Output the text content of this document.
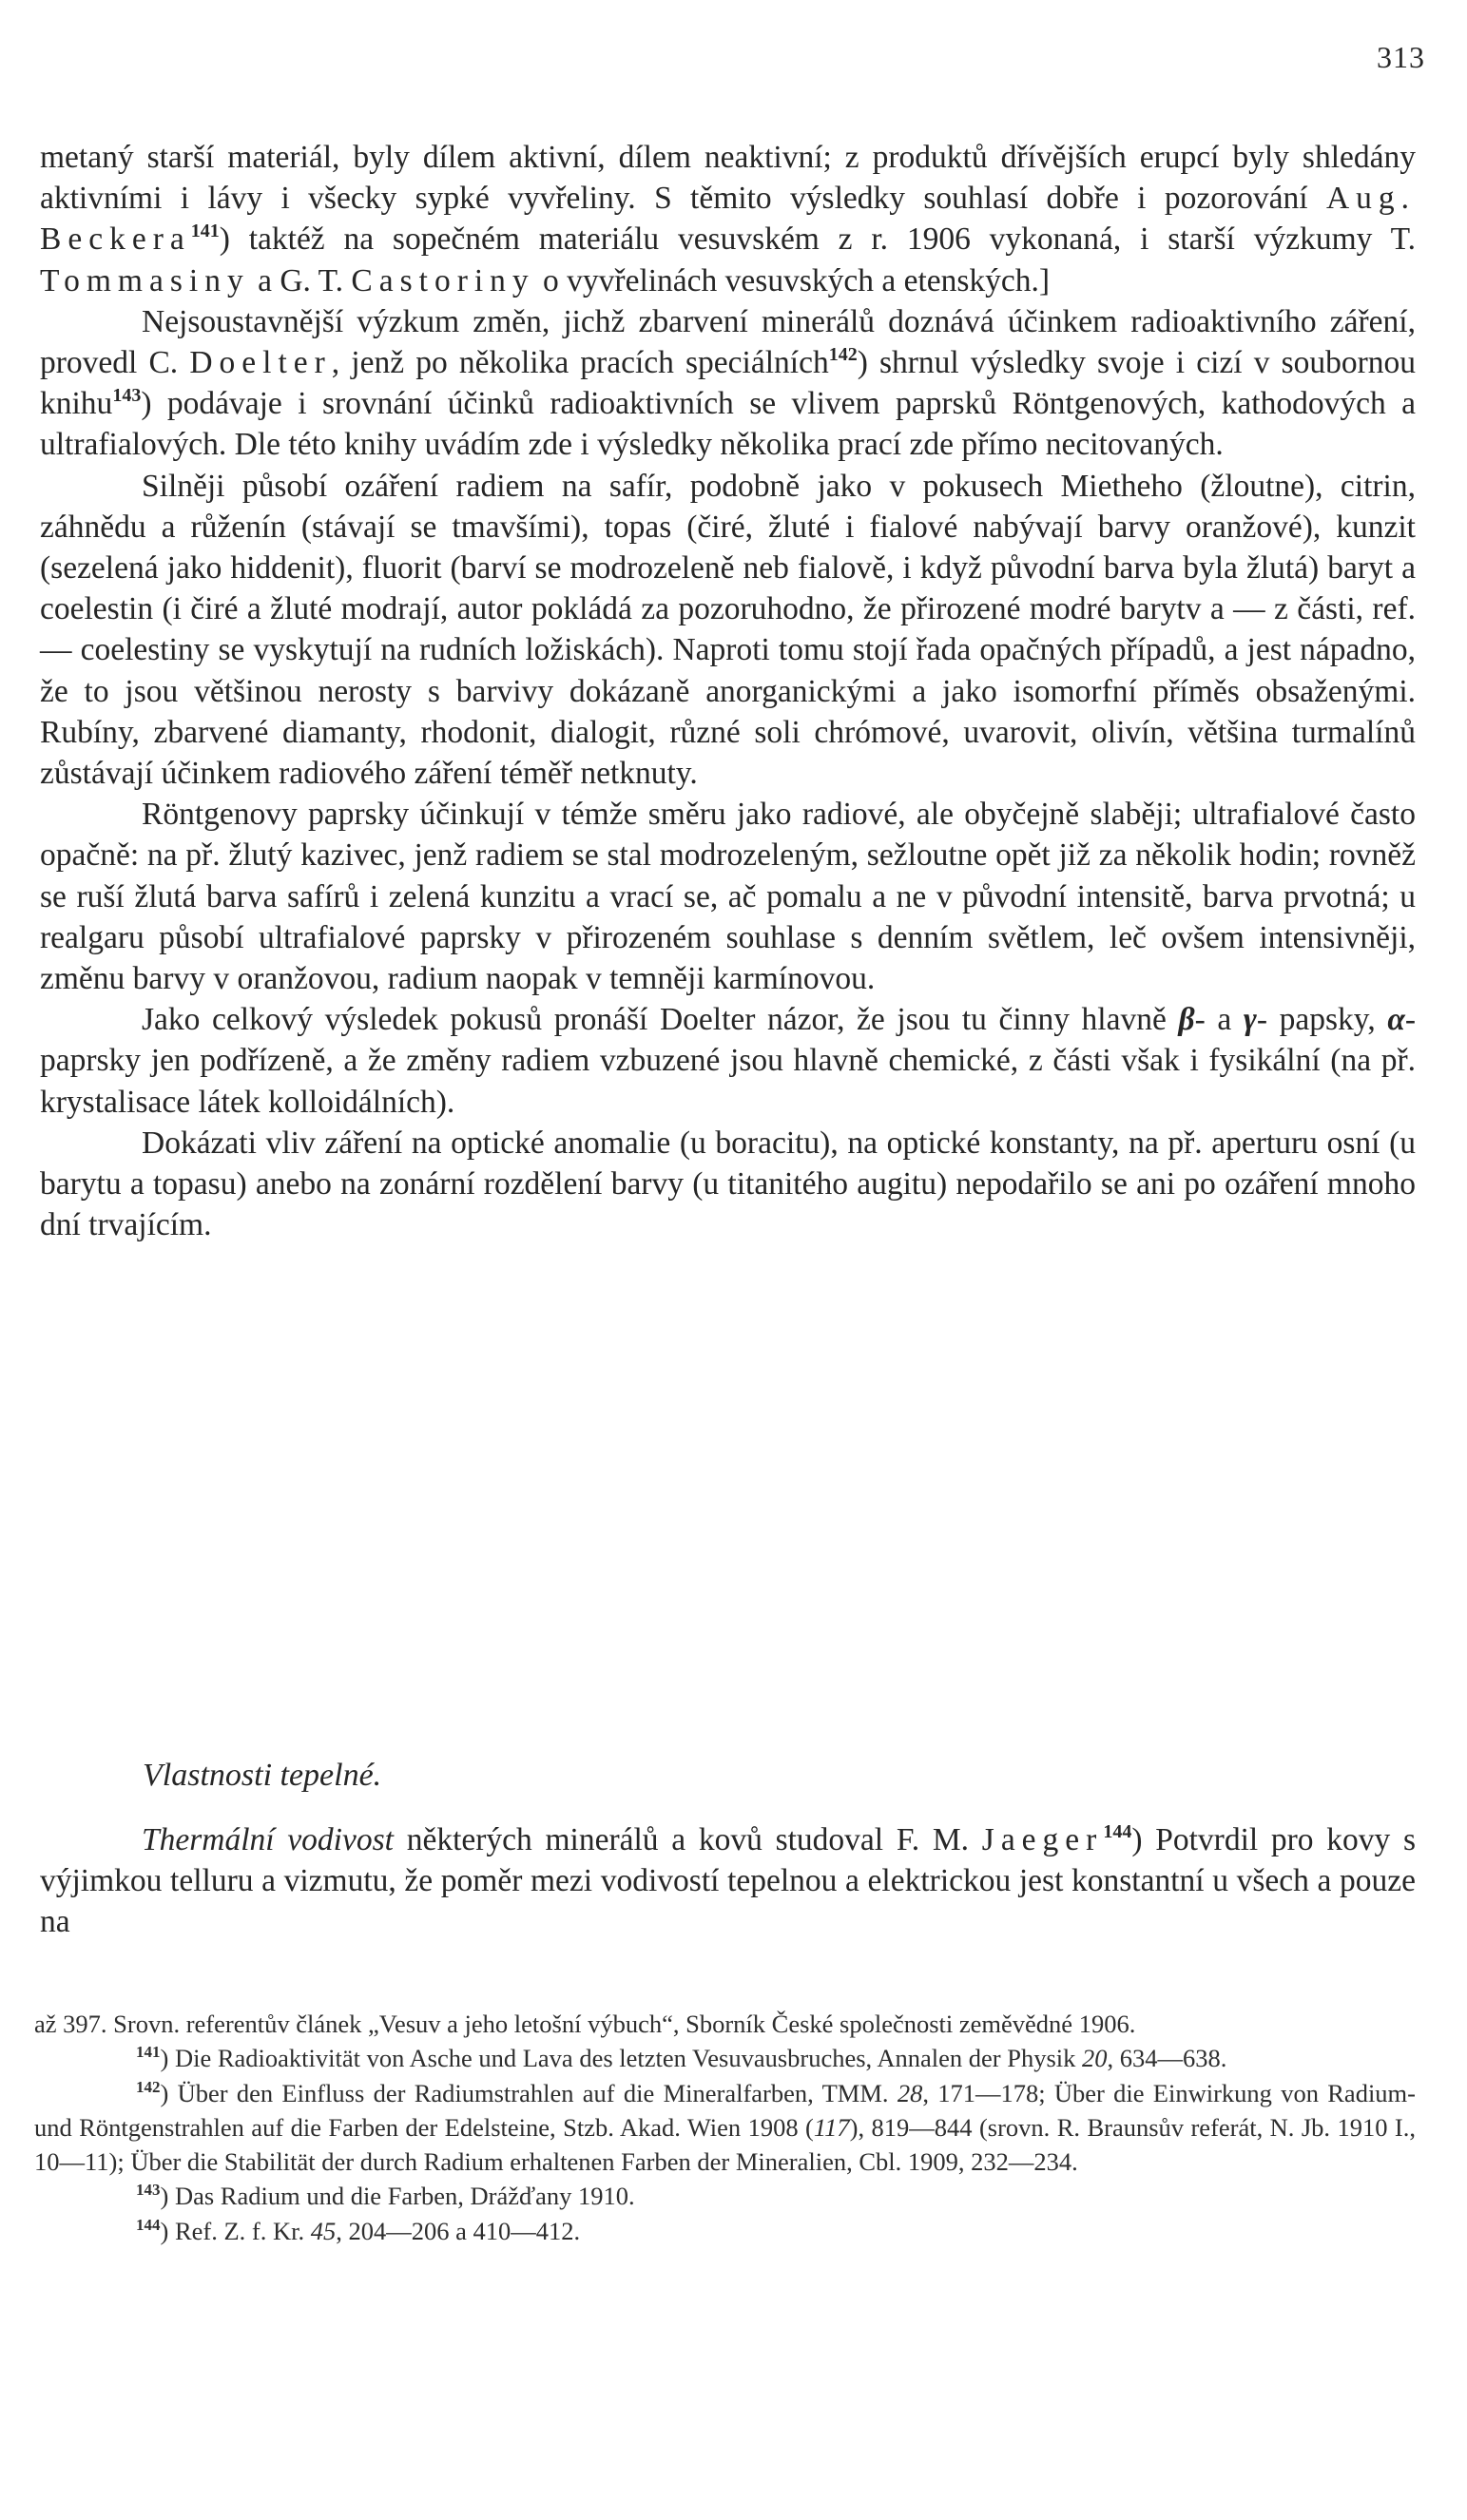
313

metaný starší materiál, byly dílem aktivní, dílem neaktivní; z produktů dřívějších erupcí byly shledány aktivními i lávy i všecky sypké vyvřeliny. S těmito výsledky souhlasí dobře i pozorování Aug. Beckera$^{141}$) taktéž na sopečném materiálu vesuvském z r. 1906 vykonaná, i starší výzkumy T. Tommasiny a G. T. Castoriny o vyvřelinách vesuvských a etenských.]

Nejsoustavnější výzkum změn, jichž zbarvení minerálů doznává účinkem radioaktivního záření, provedl C. Doelter, jenž po několika pracích speciálních$^{142}$) shrnul výsledky svoje i cizí v soubornou knihu$^{143}$) podávaje i srovnání účinků radioaktivních se vlivem paprsků Röntgenových, kathodových a ultrafialových. Dle této knihy uvádím zde i výsledky několika prací zde přímo necitovaných.

Silněji působí ozáření radiem na safír, podobně jako v pokusech Mietheho (žloutne), citrin, záhnědu a růženín (stávají se tmavšími), topas (čiré, žluté i fialové nabývají barvy oranžové), kunzit (sezelená jako hiddenit), fluorit (barví se modrozeleně neb fialově, i když původní barva byla žlutá) baryt a coelestin (i čiré a žluté modrají, autor pokládá za pozoruhodno, že přirozené modré barytv a — z části, ref. — coelestiny se vyskytují na rudních ložiskách). Naproti tomu stojí řada opačných případů, a jest nápadno, že to jsou většinou nerosty s barvivy dokázaně anorganickými a jako isomorfní příměs obsaženými. Rubíny, zbarvené diamanty, rhodonit, dialogit, různé soli chrómové, uvarovit, olivín, většina turmalínů zůstávají účinkem radiového záření téměř netknuty.

Röntgenovy paprsky účinkují v témže směru jako radiové, ale obyčejně slaběji; ultrafialové často opačně: na př. žlutý kazivec, jenž radiem se stal modrozeleným, sežloutne opět již za několik hodin; rovněž se ruší žlutá barva safírů i zelená kunzitu a vrací se, ač pomalu a ne v původní intensitě, barva prvotná; u realgaru působí ultrafialové paprsky v přirozeném souhlase s denním světlem, leč ovšem intensivněji, změnu barvy v oranžovou, radium naopak v temněji karmínovou.

Jako celkový výsledek pokusů pronáší Doelter názor, že jsou tu činny hlavně β- a γ- papsky, α-paprsky jen podřízeně, a že změny radiem vzbuzené jsou hlavně chemické, z části však i fysikální (na př. krystalisace látek kolloidálních).

Dokázati vliv záření na optické anomalie (u boracitu), na optické konstanty, na př. aperturu osní (u barytu a topasu) anebo na zonární rozdělení barvy (u titanitého augitu) nepodařilo se ani po ozáření mnoho dní trvajícím.

Vlastnosti tepelné.

Thermální vodivost některých minerálů a kovů studoval F. M. Jaeger$^{144}$) Potvrdil pro kovy s výjimkou telluru a vizmutu, že poměr mezi vodivostí tepelnou a elektrickou jest konstantní u všech a pouze na

až 397. Srovn. referentův článek „Vesuv a jeho letošní výbuch“, Sborník České společnosti zeměvědné 1906.

$^{141}$) Die Radioaktivität von Asche und Lava des letzten Vesuvausbruches, Annalen der Physik 20, 634—638.

$^{142}$) Über den Einfluss der Radiumstrahlen auf die Mineralfarben, TMM. 28, 171—178; Über die Einwirkung von Radium- und Röntgenstrahlen auf die Farben der Edelsteine, Stzb. Akad. Wien 1908 (117), 819—844 (srovn. R. Braunsův referát, N. Jb. 1910 I., 10—11); Über die Stabilität der durch Radium erhaltenen Farben der Mineralien, Cbl. 1909, 232—234.

$^{143}$) Das Radium und die Farben, Drážďany 1910.

$^{144}$) Ref. Z. f. Kr. 45, 204—206 a 410—412.
